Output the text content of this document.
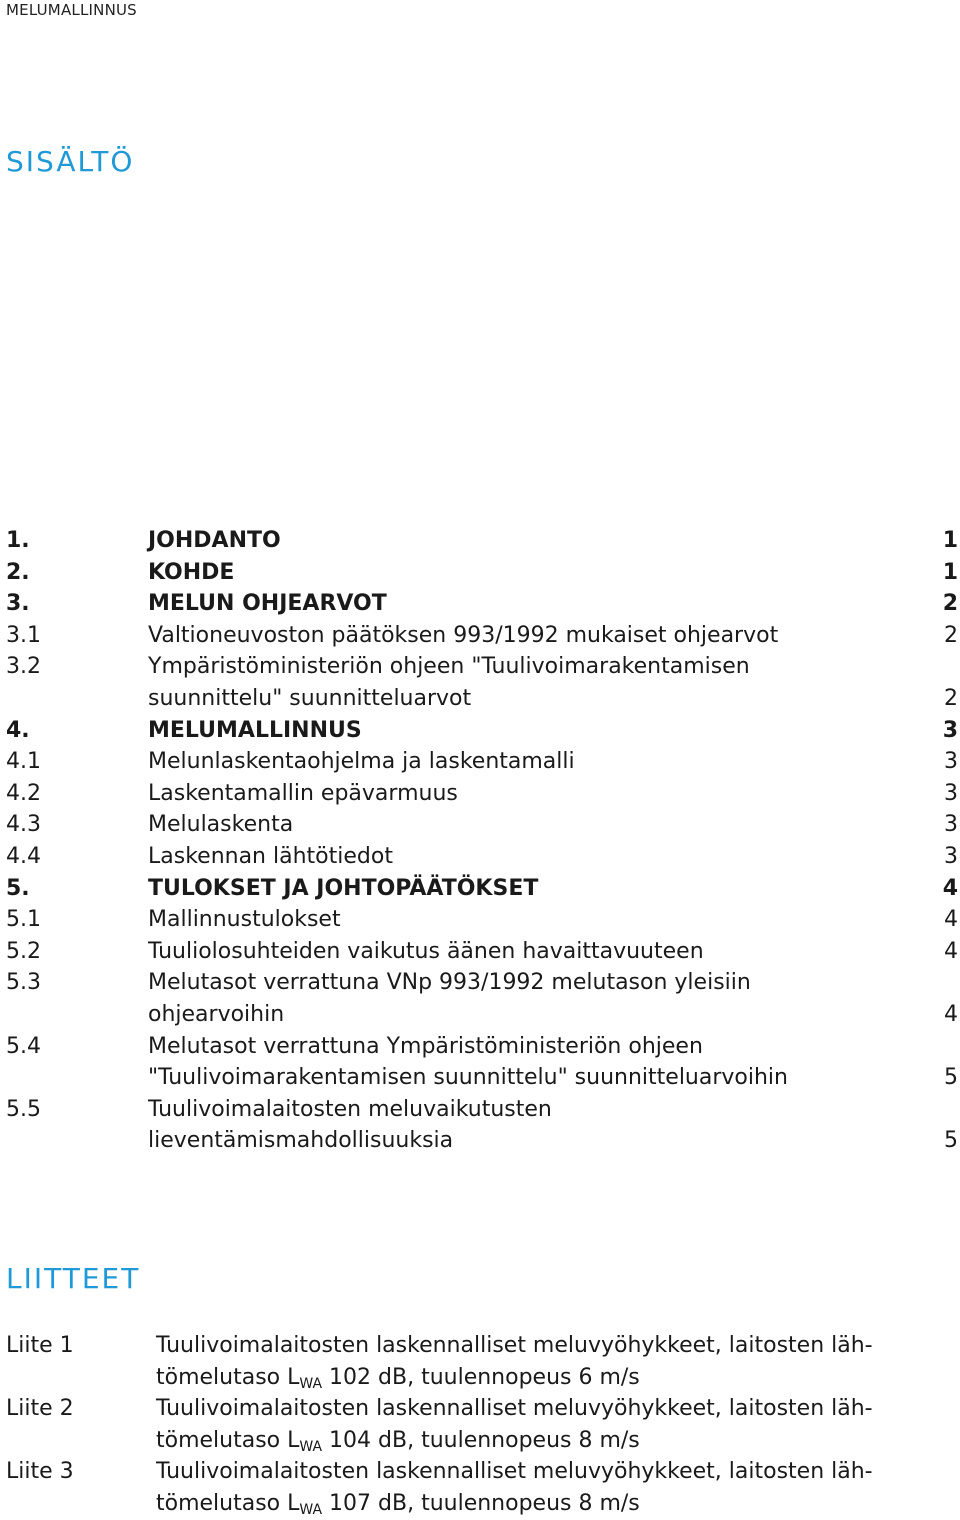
MELUMALLINNUS
SISÄLTÖ
1.	JOHDANTO	1
2.	KOHDE	1
3.	MELUN OHJEARVOT	2
3.1	Valtioneuvoston päätöksen 993/1992 mukaiset ohjearvot	2
3.2	Ympäristöministeriön ohjeen "Tuulivoimarakentamisen
suunnittelu" suunnitteluarvot	2
4.	MELUMALLINNUS	3
4.1	Melunlaskentaohjelma ja laskentamalli	3
4.2	Laskentamallin epävarmuus	3
4.3	Melulaskenta	3
4.4	Laskennan lähtötiedot	3
5.	TULOKSET JA JOHTOPÄÄTÖKSET	4
5.1	Mallinnustulokset	4
5.2	Tuuliolosuhteiden vaikutus äänen havaittavuuteen	4
5.3	Melutasot verrattuna VNp 993/1992 melutason yleisiin
ohjearvoihin	4
5.4	Melutasot verrattuna Ympäristöministeriön ohjeen
"Tuulivoimarakentamisen suunnittelu" suunnitteluarvoihin	5
5.5	Tuulivoimalaitosten meluvaikutusten
lieventämismahdollisuuksia	5
LIITTEET
Liite 1	Tuulivoimalaitosten laskennalliset meluvyöhykkeet, laitosten läh-
tömelutaso $L_{WA}$ 102 dB, tuulennopeus 6 m/s
Liite 2	Tuulivoimalaitosten laskennalliset meluvyöhykkeet, laitosten läh-
tömelutaso $L_{WA}$ 104 dB, tuulennopeus 8 m/s
Liite 3	Tuulivoimalaitosten laskennalliset meluvyöhykkeet, laitosten läh-
tömelutaso $L_{WA}$ 107 dB, tuulennopeus 8 m/s
